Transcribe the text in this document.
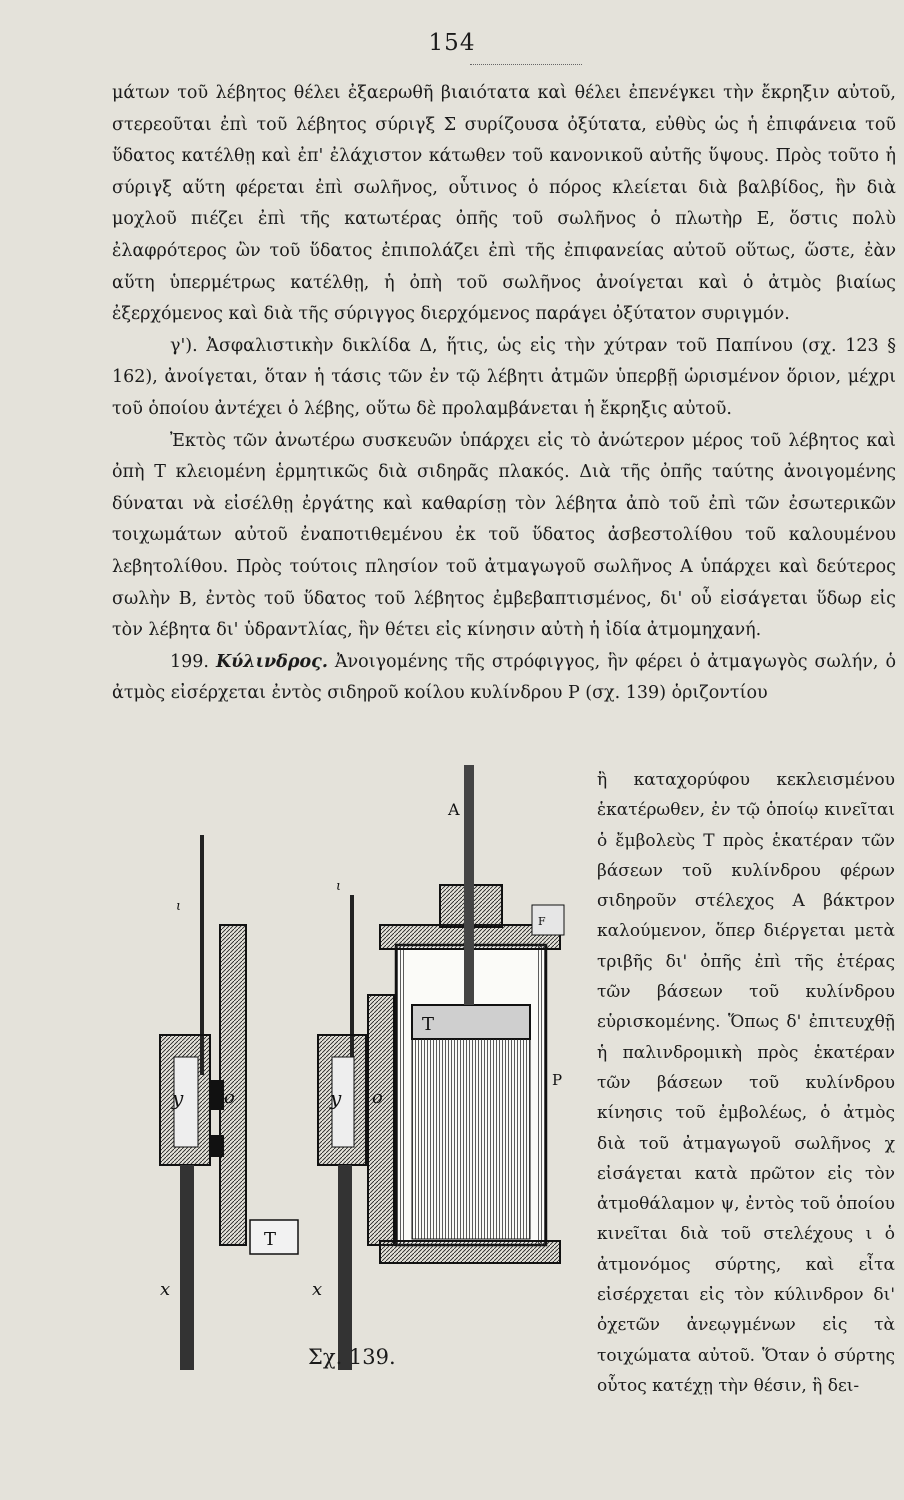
154

μάτων τοῦ λέβητος θέλει ἐξαερωθῆ βιαιότατα καὶ θέλει ἐπενέγκει τὴν ἔκρηξιν αὐτοῦ, στερεοῦται ἐπὶ τοῦ λέβητος σύριγξ Σ συρίζουσα ὀξύτατα, εὐθὺς ὡς ἡ ἐπιφάνεια τοῦ ὕδατος κατέλθῃ καὶ ἐπ' ἐλάχιστον κάτωθεν τοῦ κανονικοῦ αὐτῆς ὕψους. Πρὸς τοῦτο ἡ σύριγξ αὕτη φέρεται ἐπὶ σωλῆνος, οὗτινος ὁ πόρος κλείεται διὰ βαλβίδος, ἣν διὰ μοχλοῦ πιέζει ἐπὶ τῆς κατωτέρας ὀπῆς τοῦ σωλῆνος ὁ πλωτὴρ Ε, ὅστις πολὺ ἐλαφρότερος ὢν τοῦ ὕδατος ἐπιπολάζει ἐπὶ τῆς ἐπιφανείας αὐτοῦ οὕτως, ὥστε, ἐὰν αὕτη ὑπερμέτρως κατέλθῃ, ἡ ὀπὴ τοῦ σωλῆνος ἀνοίγεται καὶ ὁ ἀτμὸς βιαίως ἐξερχόμενος καὶ διὰ τῆς σύριγγος διερχόμενος παράγει ὀξύτατον συριγμόν.

γ'). Ἀσφαλιστικὴν δικλίδα Δ, ἥτις, ὡς εἰς τὴν χύτραν τοῦ Παπίνου (σχ. 123 § 162), ἀνοίγεται, ὅταν ἡ τάσις τῶν ἐν τῷ λέβητι ἀτμῶν ὑπερβῇ ὡρισμένον ὅριον, μέχρι τοῦ ὁποίου ἀντέχει ὁ λέβης, οὕτω δὲ προλαμβάνεται ἡ ἔκρηξις αὐτοῦ.

Ἐκτὸς τῶν ἀνωτέρω συσκευῶν ὑπάρχει εἰς τὸ ἀνώτερον μέρος τοῦ λέβητος καὶ ὀπὴ Τ κλειομένη ἑρμητικῶς διὰ σιδηρᾶς πλακός. Διὰ τῆς ὀπῆς ταύτης ἀνοιγομένης δύναται νὰ εἰσέλθῃ ἐργάτης καὶ καθαρίσῃ τὸν λέβητα ἀπὸ τοῦ ἐπὶ τῶν ἐσωτερικῶν τοιχωμάτων αὐτοῦ ἐναποτιθεμένου ἐκ τοῦ ὕδατος ἀσβεστολίθου τοῦ καλουμένου λεβητολίθου. Πρὸς τούτοις πλησίον τοῦ ἀτμαγωγοῦ σωλῆνος Α ὑπάρχει καὶ δεύτερος σωλὴν Β, ἐντὸς τοῦ ὕδατος τοῦ λέβητος ἐμβεβαπτισμένος, δι' οὗ εἰσάγεται ὕδωρ εἰς τὸν λέβητα δι' ὑδραντλίας, ἣν θέτει εἰς κίνησιν αὐτὴ ἡ ἰδία ἀτμομηχανή.

199. Κύλινδρος. Ἀνοιγομένης τῆς στρόφιγγος, ἣν φέρει ὁ ἀτμαγωγὸς σωλήν, ὁ ἀτμὸς εἰσέρχεται ἐντὸς σιδηροῦ κοίλου κυλίνδρου Ρ (σχ. 139) ὁριζοντίου

ἢ καταχορύφου κεκλεισμένου ἑκατέρωθεν, ἐν τῷ ὁποίῳ κινεῖται ὁ ἔμβολεὺς Τ πρὸς ἑκατέραν τῶν βάσεων τοῦ κυλίνδρου φέρων σιδηροῦν στέλεχος Α βάκτρον καλούμενον, ὅπερ διέργεται μετὰ τριβῆς δι' ὀπῆς ἐπὶ τῆς ἑτέρας τῶν βάσεων τοῦ κυλίνδρου εὑρισκομένης. Ὅπως δ' ἐπιτευχθῇ ἡ παλινδρομικὴ πρὸς ἑκατέραν τῶν βάσεων τοῦ κυλίνδρου κίνησις τοῦ ἐμβολέως, ὁ ἀτμὸς διὰ τοῦ ἀτμαγωγοῦ σωλῆνος χ εἰσάγεται κατὰ πρῶτον εἰς τὸν ἀτμοθάλαμον ψ, ἐντὸς τοῦ ὁποίου κινεῖται διὰ τοῦ στελέχους ι ὁ ἀτμονόμος σύρτης, καὶ εἶτα εἰσέρχεται εἰς τὸν κύλινδρον δι' ὀχετῶν ἀνεῳγμένων εἰς τὰ τοιχώματα αὐτοῦ. Ὅταν ὁ σύρτης οὗτος κατέχῃ τὴν θέσιν, ἣ δει-
A
ι
ι
T
P
F
y o	y o
T
x	x
Σχ. 139.
